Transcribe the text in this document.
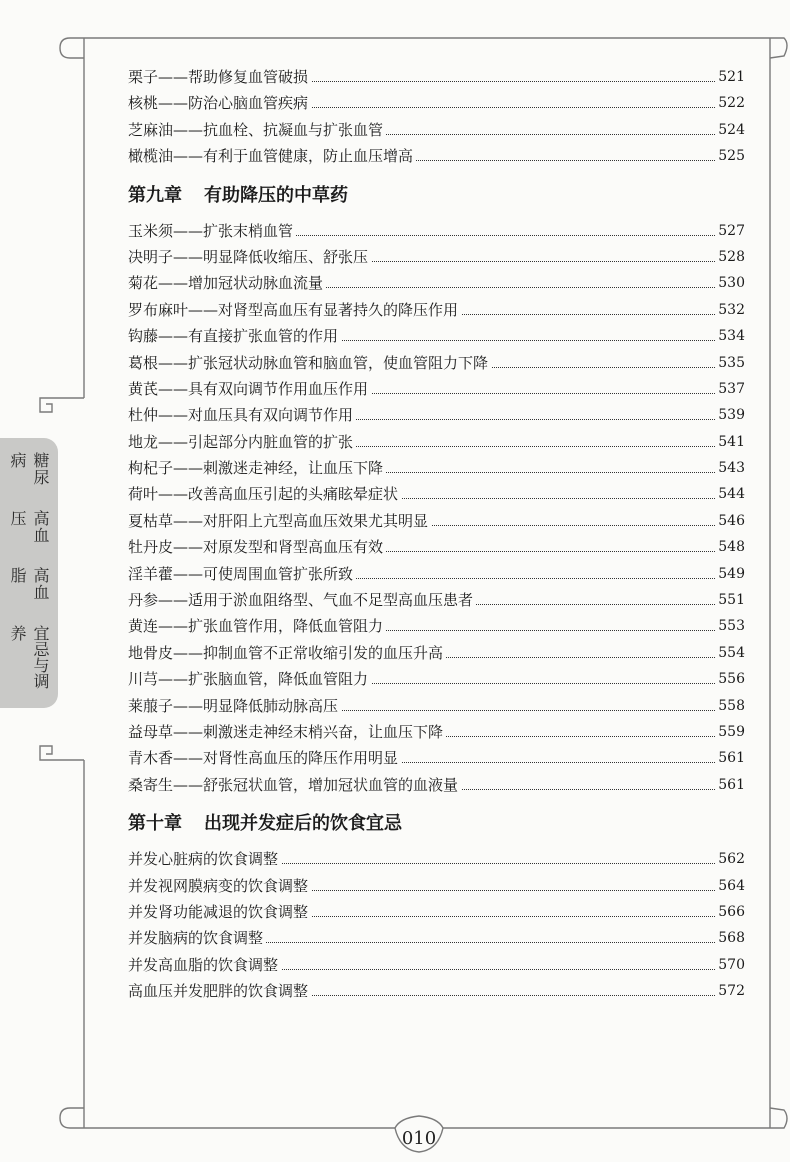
糖尿病
高血压
高血脂
宜忌与调养
栗子——帮助修复血管破损	521
核桃——防治心脑血管疾病	522
芝麻油——抗血栓、抗凝血与扩张血管	524
橄榄油——有利于血管健康，防止血压增高	525
第九章 有助降压的中草药
玉米须——扩张末梢血管	527
决明子——明显降低收缩压、舒张压	528
菊花——增加冠状动脉血流量	530
罗布麻叶——对肾型高血压有显著持久的降压作用	532
钩藤——有直接扩张血管的作用	534
葛根——扩张冠状动脉血管和脑血管，使血管阻力下降	535
黄芪——具有双向调节作用血压作用	537
杜仲——对血压具有双向调节作用	539
地龙——引起部分内脏血管的扩张	541
枸杞子——刺激迷走神经，让血压下降	543
荷叶——改善高血压引起的头痛眩晕症状	544
夏枯草——对肝阳上亢型高血压效果尤其明显	546
牡丹皮——对原发型和肾型高血压有效	548
淫羊藿——可使周围血管扩张所致	549
丹参——适用于淤血阻络型、气血不足型高血压患者	551
黄连——扩张血管作用，降低血管阻力	553
地骨皮——抑制血管不正常收缩引发的血压升高	554
川芎——扩张脑血管，降低血管阻力	556
莱菔子——明显降低肺动脉高压	558
益母草——刺激迷走神经末梢兴奋，让血压下降	559
青木香——对肾性高血压的降压作用明显	561
桑寄生——舒张冠状血管，增加冠状血管的血液量	561
第十章 出现并发症后的饮食宜忌
并发心脏病的饮食调整	562
并发视网膜病变的饮食调整	564
并发肾功能减退的饮食调整	566
并发脑病的饮食调整	568
并发高血脂的饮食调整	570
高血压并发肥胖的饮食调整	572
010
